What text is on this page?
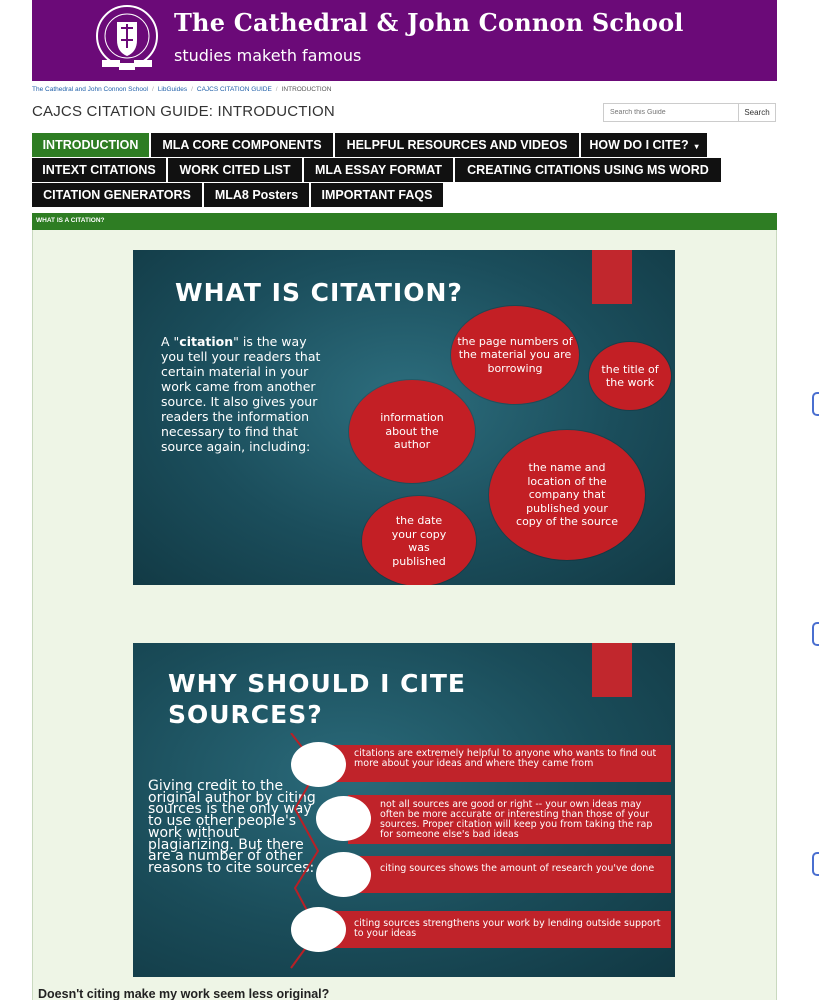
The Cathedral & John Connon School
studies maketh famous
The Cathedral and John Connon School / LibGuides / CAJCS CITATION GUIDE / INTRODUCTION
CAJCS CITATION GUIDE: INTRODUCTION
Search this Guide	Search
INTRODUCTION	MLA CORE COMPONENTS	HELPFUL RESOURCES AND VIDEOS	HOW DO I CITE? ▾
INTEXT CITATIONS	WORK CITED LIST	MLA ESSAY FORMAT	CREATING CITATIONS USING MS WORD
CITATION GENERATORS	MLA8 Posters	IMPORTANT FAQS
WHAT IS A CITATION?
WHAT IS CITATION?
A "citation" is the way you tell your readers that certain material in your work came from another source. It also gives your readers the information necessary to find that source again, including:
the page numbers of the material you are borrowing	the title of the work
information about the author
the name and location of the company that published your copy of the source
the date your copy was published
WHY SHOULD I CITE
SOURCES?
Giving credit to the original author by citing sources is the only way to use other people's work without plagiarizing. But there are a number of other reasons to cite sources:
citations are extremely helpful to anyone who wants to find out more about your ideas and where they came from
not all sources are good or right -- your own ideas may often be more accurate or interesting than those of your sources. Proper citation will keep you from taking the rap for someone else's bad ideas
citing sources shows the amount of research you've done
citing sources strengthens your work by lending outside support to your ideas
Doesn't citing make my work seem less original?
